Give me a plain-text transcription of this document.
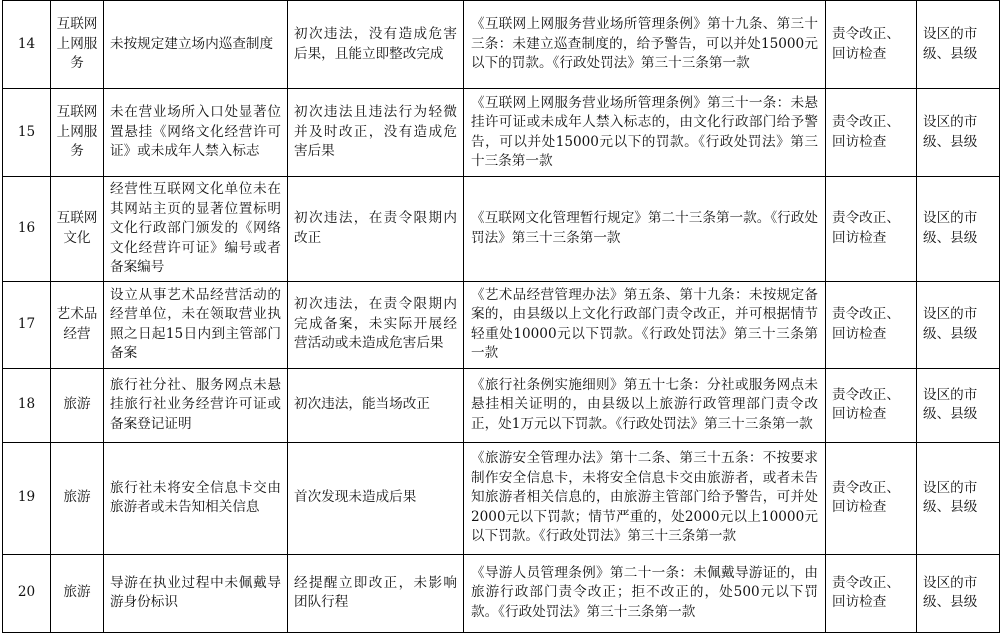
14	互联网上网服务	未按规定建立场内巡查制度	初次违法，没有造成危害后果，且能立即整改完成	《互联网上网服务营业场所管理条例》第十九条、第三十三条：未建立巡查制度的，给予警告，可以并处15000元以下的罚款。《行政处罚法》第三十三条第一款	责令改正、回访检查	设区的市级、县级
15	互联网上网服务	未在营业场所入口处显著位置悬挂《网络文化经营许可证》或未成年人禁入标志	初次违法且违法行为轻微并及时改正，没有造成危害后果	《互联网上网服务营业场所管理条例》第三十一条：未悬挂许可证或未成年人禁入标志的，由文化行政部门给予警告，可以并处15000元以下的罚款。《行政处罚法》第三十三条第一款	责令改正、回访检查	设区的市级、县级
16	互联网文化	经营性互联网文化单位未在其网站主页的显著位置标明文化行政部门颁发的《网络文化经营许可证》编号或者备案编号	初次违法，在责令限期内改正	《互联网文化管理暂行规定》第二十三条第一款。《行政处罚法》第三十三条第一款	责令改正、回访检查	设区的市级、县级
17	艺术品经营	设立从事艺术品经营活动的经营单位，未在领取营业执照之日起15日内到主管部门备案	初次违法，在责令限期内完成备案，未实际开展经营活动或未造成危害后果	《艺术品经营管理办法》第五条、第十九条：未按规定备案的，由县级以上文化行政部门责令改正，并可根据情节轻重处10000元以下罚款。《行政处罚法》第三十三条第一款	责令改正、回访检查	设区的市级、县级
18	旅游	旅行社分社、服务网点未悬挂旅行社业务经营许可证或备案登记证明	初次违法，能当场改正	《旅行社条例实施细则》第五十七条：分社或服务网点未悬挂相关证明的，由县级以上旅游行政管理部门责令改正，处1万元以下罚款。《行政处罚法》第三十三条第一款	责令改正、回访检查	设区的市级、县级
19	旅游	旅行社未将安全信息卡交由旅游者或未告知相关信息	首次发现未造成后果	《旅游安全管理办法》第十二条、第三十五条：不按要求制作安全信息卡，未将安全信息卡交由旅游者，或者未告知旅游者相关信息的，由旅游主管部门给予警告，可并处2000元以下罚款；情节严重的，处2000元以上10000元以下罚款。《行政处罚法》第三十三条第一款	责令改正、回访检查	设区的市级、县级
20	旅游	导游在执业过程中未佩戴导游身份标识	经提醒立即改正，未影响团队行程	《导游人员管理条例》第二十一条：未佩戴导游证的，由旅游行政部门责令改正；拒不改正的，处500元以下罚款。《行政处罚法》第三十三条第一款	责令改正、回访检查	设区的市级、县级
